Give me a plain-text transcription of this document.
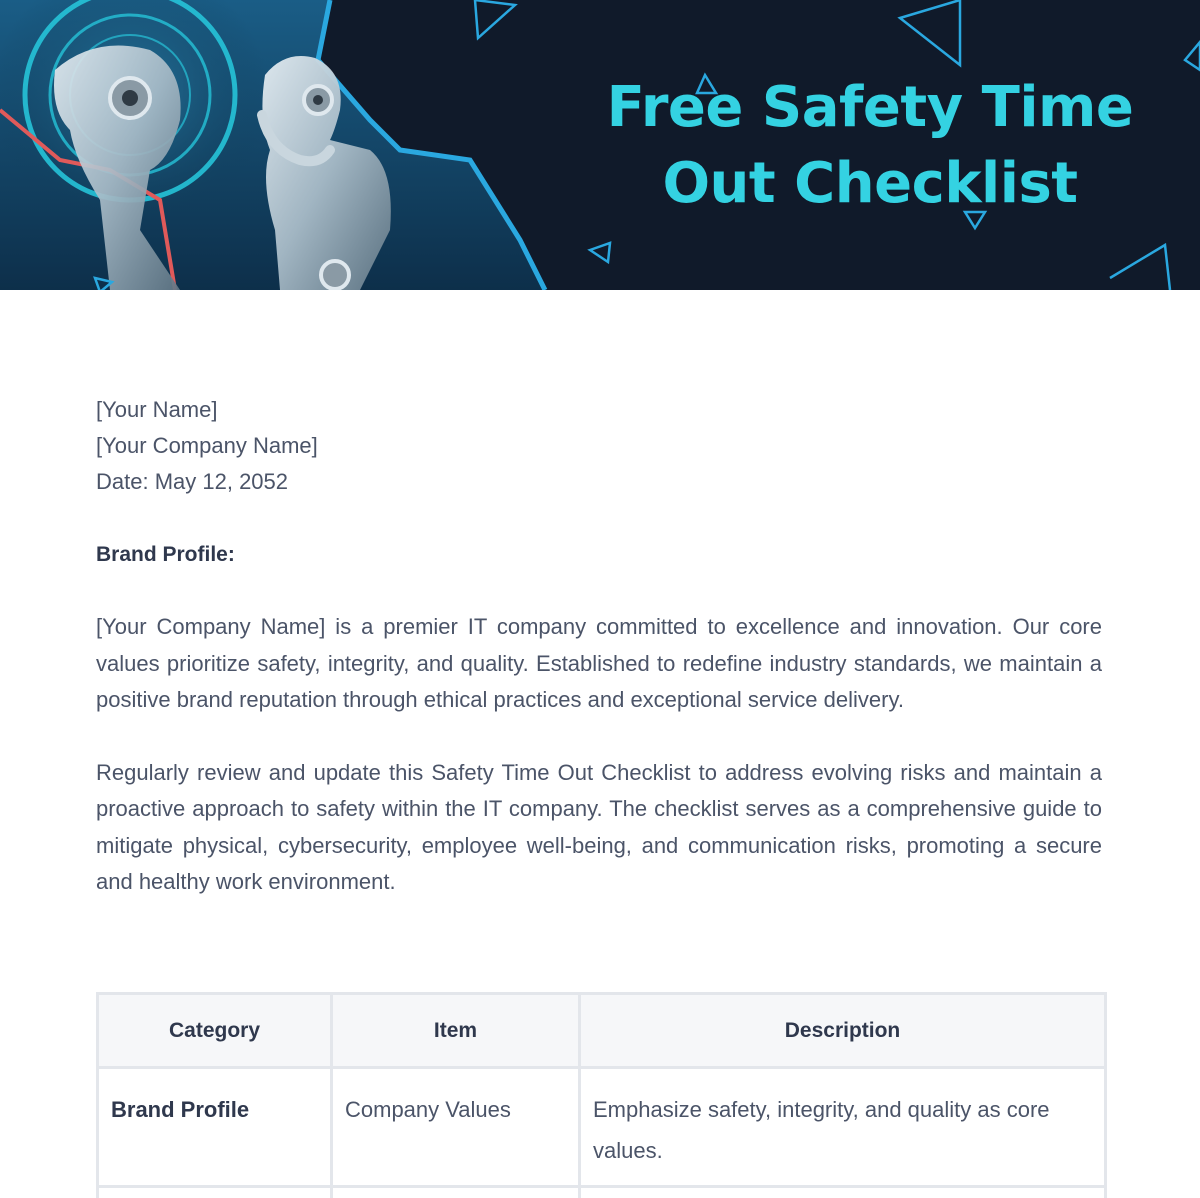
Free Safety Time
Out Checklist
[Your Name]
[Your Company Name]
Date: May 12, 2052
Brand Profile:

[Your Company Name] is a premier IT company committed to excellence and innovation. Our core values prioritize safety, integrity, and quality. Established to redefine industry standards, we maintain a positive brand reputation through ethical practices and exceptional service delivery.

Regularly review and update this Safety Time Out Checklist to address evolving risks and maintain a proactive approach to safety within the IT company. The checklist serves as a comprehensive guide to mitigate physical, cybersecurity, employee well-being, and communication risks, promoting a secure and healthy work environment.

Category	Item	Description
Brand Profile	Company Values	Emphasize safety, integrity, and quality as core values.
